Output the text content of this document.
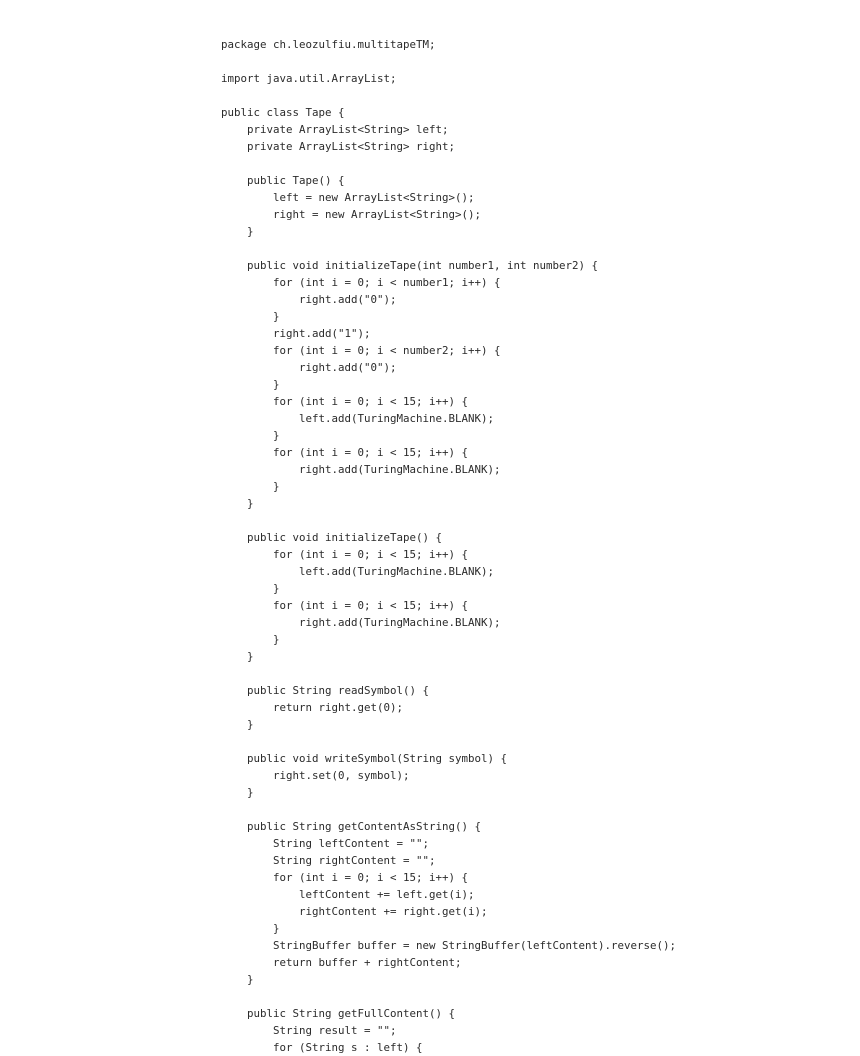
package ch.leozulfiu.multitapeTM;
import java.util.ArrayList;
public class Tape {
private ArrayList<String> left;
private ArrayList<String> right;
public Tape() {
left = new ArrayList<String>();
right = new ArrayList<String>();
}
public void initializeTape(int number1, int number2) {
for (int i = 0; i < number1; i++) {
right.add("0");
}
right.add("1");
for (int i = 0; i < number2; i++) {
right.add("0");
}
for (int i = 0; i < 15; i++) {
left.add(TuringMachine.BLANK);
}
for (int i = 0; i < 15; i++) {
right.add(TuringMachine.BLANK);
}
}
public void initializeTape() {
for (int i = 0; i < 15; i++) {
left.add(TuringMachine.BLANK);
}
for (int i = 0; i < 15; i++) {
right.add(TuringMachine.BLANK);
}
}
public String readSymbol() {
return right.get(0);
}
public void writeSymbol(String symbol) {
right.set(0, symbol);
}
public String getContentAsString() {
String leftContent = "";
String rightContent = "";
for (int i = 0; i < 15; i++) {
leftContent += left.get(i);
rightContent += right.get(i);
}
StringBuffer buffer = new StringBuffer(leftContent).reverse();
return buffer + rightContent;
}
public String getFullContent() {
String result = "";
for (String s : left) {
